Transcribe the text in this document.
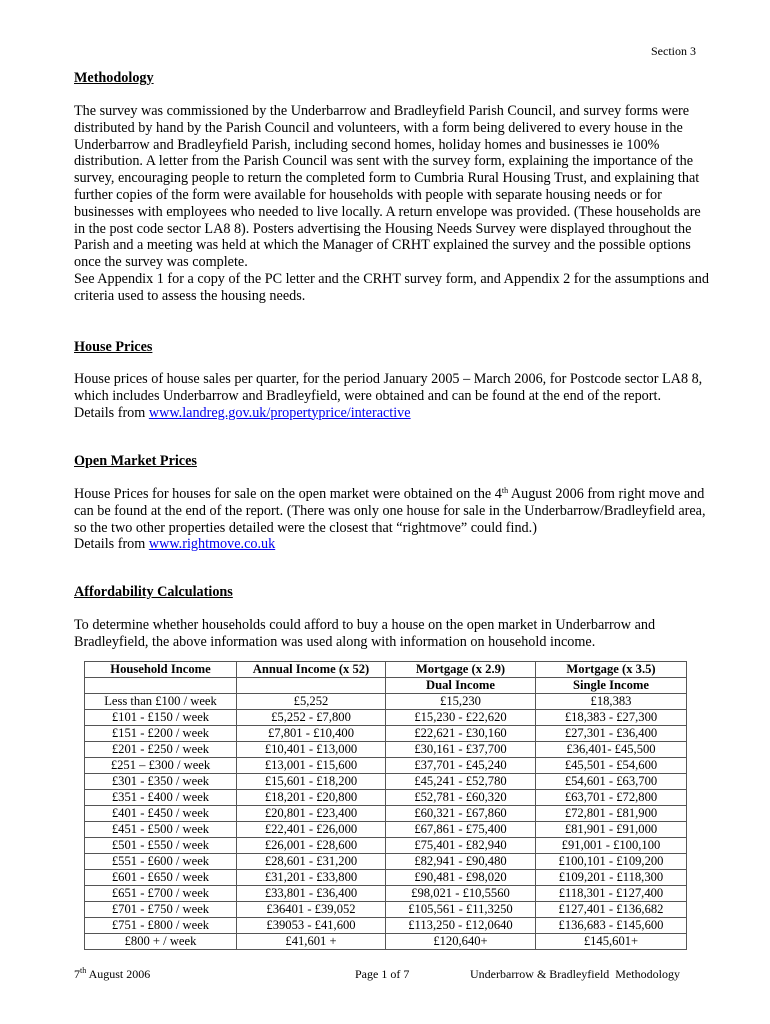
Section 3
Methodology

The survey was commissioned by the Underbarrow and Bradleyfield Parish Council, and survey forms were distributed by hand by the Parish Council and volunteers, with a form being delivered to every house in the Underbarrow and Bradleyfield Parish, including second homes, holiday homes and businesses ie 100% distribution. A letter from the Parish Council was sent with the survey form, explaining the importance of the survey, encouraging people to return the completed form to Cumbria Rural Housing Trust, and explaining that further copies of the form were available for households with people with separate housing needs or for businesses with employees who needed to live locally. A return envelope was provided. (These households are in the post code sector LA8 8). Posters advertising the Housing Needs Survey were displayed throughout the Parish and a meeting was held at which the Manager of CRHT explained the survey and the possible options once the survey was complete.

See Appendix 1 for a copy of the PC letter and the CRHT survey form, and Appendix 2 for the assumptions and criteria used to assess the housing needs.

House Prices

House prices of house sales per quarter, for the period January 2005 – March 2006, for Postcode sector LA8 8, which includes Underbarrow and Bradleyfield, were obtained and can be found at the end of the report.

Details from www.landreg.gov.uk/propertyprice/interactive

Open Market Prices

House Prices for houses for sale on the open market were obtained on the 4th August 2006 from right move and can be found at the end of the report. (There was only one house for sale in the Underbarrow/Bradleyfield area, so the two other properties detailed were the closest that “rightmove” could find.)

Details from www.rightmove.co.uk

Affordability Calculations

To determine whether households could afford to buy a house on the open market in Underbarrow and Bradleyfield, the above information was used along with information on household income.

Household Income	Annual Income (x 52)	Mortgage (x 2.9)	Mortgage (x 3.5)
		Dual Income	Single Income
Less than £100 / week	£5,252	£15,230	£18,383
£101 - £150 / week	£5,252 - £7,800	£15,230 - £22,620	£18,383 - £27,300
£151 - £200 / week	£7,801 - £10,400	£22,621 - £30,160	£27,301 - £36,400
£201 - £250 / week	£10,401 - £13,000	£30,161 - £37,700	£36,401- £45,500
£251 – £300 / week	£13,001 - £15,600	£37,701 - £45,240	£45,501 - £54,600
£301 - £350 / week	£15,601 - £18,200	£45,241 - £52,780	£54,601 - £63,700
£351 - £400 / week	£18,201 - £20,800	£52,781 - £60,320	£63,701 - £72,800
£401 - £450 / week	£20,801 - £23,400	£60,321 - £67,860	£72,801 - £81,900
£451 - £500 / week	£22,401 - £26,000	£67,861 - £75,400	£81,901 - £91,000
£501 - £550 / week	£26,001 - £28,600	£75,401 - £82,940	£91,001 - £100,100
£551 - £600 / week	£28,601 - £31,200	£82,941 - £90,480	£100,101 - £109,200
£601 - £650 / week	£31,201 - £33,800	£90,481 - £98,020	£109,201 - £118,300
£651 - £700 / week	£33,801 - £36,400	£98,021 - £10,5560	£118,301 - £127,400
£701 - £750 / week	£36401 - £39,052	£105,561 - £11,3250	£127,401 - £136,682
£751 - £800 / week	£39053 - £41,600	£113,250 - £12,0640	£136,683 - £145,600
£800 + / week	£41,601 +	£120,640+	£145,601+
7th August 2006	Page 1 of 7	Underbarrow & Bradleyfield  Methodology
